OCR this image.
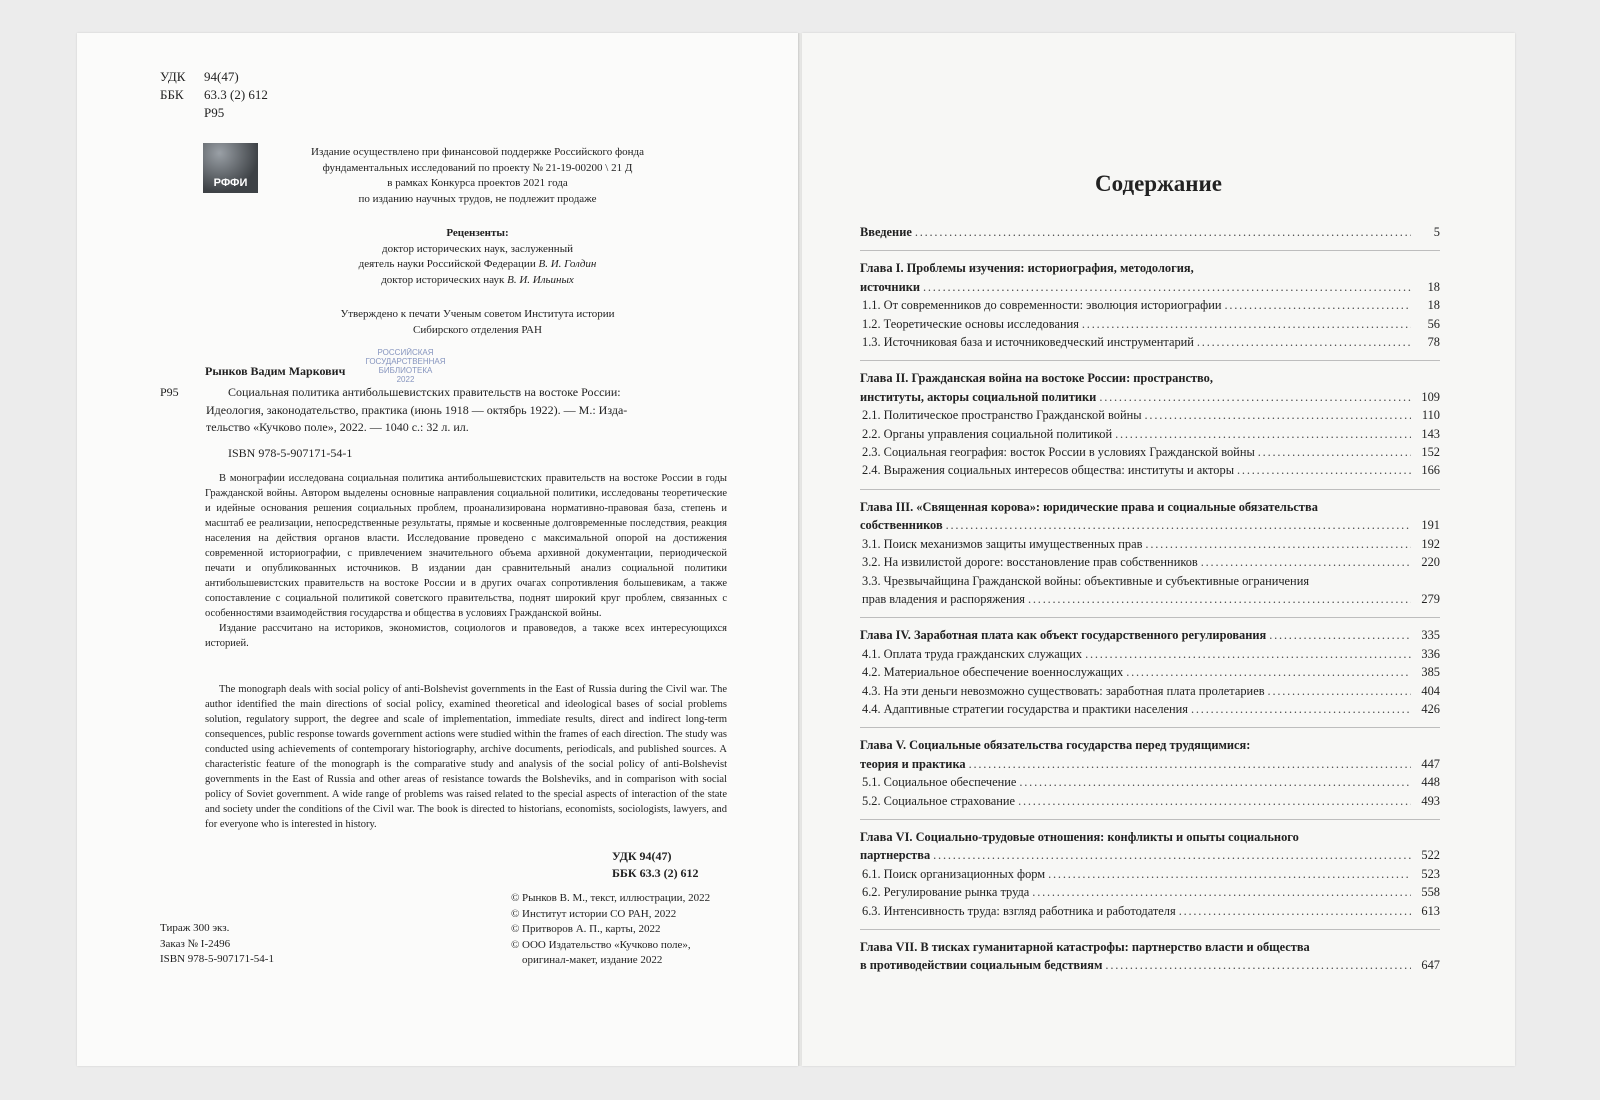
УДК	94(47)
ББК	63.3 (2) 612
Р95
РФФИ
Издание осуществлено при финансовой поддержке Российского фонда
фундаментальных исследований по проекту № 21-19-00200 \ 21 Д
в рамках Конкурса проектов 2021 года
по изданию научных трудов, не подлежит продаже
Рецензенты:
доктор исторических наук, заслуженный
деятель науки Российской Федерации В. И. Голдин
доктор исторических наук В. И. Ильиных
Утверждено к печати Ученым советом Института истории
Сибирского отделения РАН
РОССИЙСКАЯ
ГОСУДАРСТВЕННАЯ
БИБЛИОТЕКА
2022
Рынков Вадим Маркович
Р95	Социальная политика антибольшевистских правительств на востоке России:
Идеология, законодательство, практика (июнь 1918 — октябрь 1922). — М.: Изда-
тельство «Кучково поле», 2022. — 1040 с.: 32 л. ил.
ISBN 978-5-907171-54-1

В монографии исследована социальная политика антибольшевистских правительств на востоке России в годы Гражданской войны. Автором выделены основные направления социальной политики, исследованы теоретические и идейные основания решения социальных проблем, проанализирована нормативно-правовая база, степень и масштаб ее реализации, непосредственные результаты, прямые и косвенные долговременные последствия, реакция населения на действия органов власти. Исследование проведено с максимальной опорой на достижения современной историографии, с привлечением значительного объема архивной документации, периодической печати и опубликованных источников. В издании дан сравнительный анализ социальной политики антибольшевистских правительств на востоке России и в других очагах сопротивления большевикам, а также сопоставление с социальной политикой советского правительства, поднят широкий круг проблем, связанных с особенностями взаимодействия государства и общества в условиях Гражданской войны.

Издание рассчитано на историков, экономистов, социологов и правоведов, а также всех интересующихся историей.

The monograph deals with social policy of anti-Bolshevist governments in the East of Russia during the Civil war. The author identified the main directions of social policy, examined theoretical and ideological bases of social problems solution, regulatory support, the degree and scale of implementation, immediate results, direct and indirect long-term consequences, public response towards government actions were studied within the frames of each direction. The study was conducted using achievements of contemporary historiography, archive documents, periodicals, and published sources. A characteristic feature of the monograph is the comparative study and analysis of the social policy of anti-Bolshevist governments in the East of Russia and other areas of resistance towards the Bolsheviks, and in comparison with social policy of Soviet government. A wide range of problems was raised related to the special aspects of interaction of the state and society under the conditions of the Civil war. The book is directed to historians, economists, sociologists, lawyers, and for everyone who is interested in history.

УДК 94(47)
ББК 63.3 (2) 612
Тираж 300 экз.
Заказ № I-2496
ISBN 978-5-907171-54-1
© Рынков В. М., текст, иллюстрации, 2022
© Институт истории СО РАН, 2022
© Притворов А. П., карты, 2022
© ООО Издательство «Кучково поле»,
оригинал-макет, издание 2022
Содержание
Введение .....	5
Глава I. Проблемы изучения: историография, методология,
источники .....	18
1.1. От современников до современности: эволюция историографии .....	18
1.2. Теоретические основы исследования .....	56
1.3. Источниковая база и источниковедческий инструментарий .....	78
Глава II. Гражданская война на востоке России: пространство,
институты, акторы социальной политики .....	109
2.1. Политическое пространство Гражданской войны .....	110
2.2. Органы управления социальной политикой .....	143
2.3. Социальная география: восток России в условиях Гражданской войны .....	152
2.4. Выражения социальных интересов общества: институты и акторы .....	166
Глава III. «Священная корова»: юридические права и социальные обязательства
собственников .....	191
3.1. Поиск механизмов защиты имущественных прав .....	192
3.2. На извилистой дороге: восстановление прав собственников .....	220
3.3. Чрезвычайщина Гражданской войны: объективные и субъективные ограничения
прав владения и распоряжения .....	279
Глава IV. Заработная плата как объект государственного регулирования .....	335
4.1. Оплата труда гражданских служащих .....	336
4.2. Материальное обеспечение военнослужащих .....	385
4.3. На эти деньги невозможно существовать: заработная плата пролетариев .....	404
4.4. Адаптивные стратегии государства и практики населения .....	426
Глава V. Социальные обязательства государства перед трудящимися:
теория и практика .....	447
5.1. Социальное обеспечение .....	448
5.2. Социальное страхование .....	493
Глава VI. Социально-трудовые отношения: конфликты и опыты социального
партнерства .....	522
6.1. Поиск организационных форм .....	523
6.2. Регулирование рынка труда .....	558
6.3. Интенсивность труда: взгляд работника и работодателя .....	613
Глава VII. В тисках гуманитарной катастрофы: партнерство власти и общества
в противодействии социальным бедствиям .....	647
